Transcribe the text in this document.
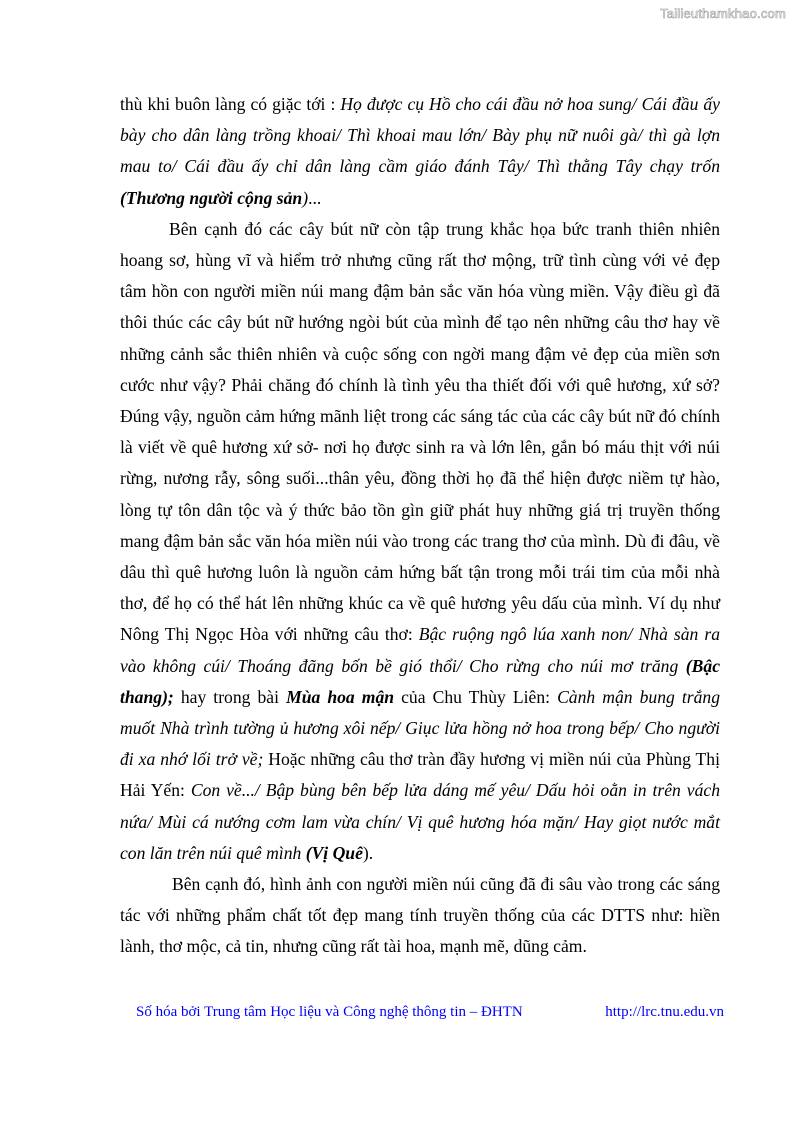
Tailieuthamkhao.com

thù khi buôn làng có giặc tới : Họ được cụ Hồ cho cái đầu nở hoa sung/ Cái đầu ấy bày cho dân làng trồng khoai/ Thì khoai mau lớn/ Bày phụ nữ nuôi gà/ thì gà lợn mau to/ Cái đầu ấy chỉ dân làng cầm giáo đánh Tây/ Thì thằng Tây chạy trốn (Thương người cộng sản)...

Bên cạnh đó các cây bút nữ còn tập trung khắc họa bức tranh thiên nhiên hoang sơ, hùng vĩ và hiểm trở nhưng cũng rất thơ mộng, trữ tình cùng với vẻ đẹp tâm hồn con người miền núi mang đậm bản sắc văn hóa vùng miền. Vậy điều gì đã thôi thúc các cây bút nữ hướng ngòi bút của mình để tạo nên những câu thơ hay về những cảnh sắc thiên nhiên và cuộc sống con ngời mang đậm vẻ đẹp của miền sơn cước như vậy? Phải chăng đó chính là tình yêu tha thiết đối với quê hương, xứ sở? Đúng vậy, nguồn cảm hứng mãnh liệt trong các sáng tác của các cây bút nữ đó chính là viết về quê hương xứ sở- nơi họ được sinh ra và lớn lên, gắn bó máu thịt với núi rừng, nương rẫy, sông suối...thân yêu, đồng thời họ đã thể hiện được niềm tự hào, lòng tự tôn dân tộc và ý thức bảo tồn gìn giữ phát huy những giá trị truyền thống mang đậm bản sắc văn hóa miền núi vào trong các trang thơ của mình. Dù đi đâu, về dâu thì quê hương luôn là nguồn cảm hứng bất tận trong mỗi trái tim của mỗi nhà thơ, để họ có thể hát lên những khúc ca về quê hương yêu dấu của mình. Ví dụ như Nông Thị Ngọc Hòa với những câu thơ: Bậc ruộng ngô lúa xanh non/ Nhà sàn ra vào không cúi/ Thoáng đãng bốn bề gió thổi/ Cho rừng cho núi mơ trăng (Bậc thang); hay trong bài Mùa hoa mận của Chu Thùy Liên: Cành mận bung trắng muốt Nhà trình tường ủ hương xôi nếp/ Giục lửa hồng nở hoa trong bếp/ Cho người đi xa nhớ lối trở về; Hoặc những câu thơ tràn đầy hương vị miền núi của Phùng Thị Hải Yến: Con về.../ Bập bùng bên bếp lửa dáng mế yêu/ Dấu hỏi oằn in trên vách nứa/ Mùi cá nướng cơm lam vừa chín/ Vị quê hương hóa mặn/ Hay giọt nước mắt con lăn trên núi quê mình (Vị Quê).

Bên cạnh đó, hình ảnh con người miền núi cũng đã đi sâu vào trong các sáng tác với những phẩm chất tốt đẹp mang tính truyền thống của các DTTS như: hiền lành, thơ mộc, cả tin, nhưng cũng rất tài hoa, mạnh mẽ, dũng cảm.

Số hóa bởi Trung tâm Học liệu và Công nghệ thông tin – ĐHTN	http://lrc.tnu.edu.vn
